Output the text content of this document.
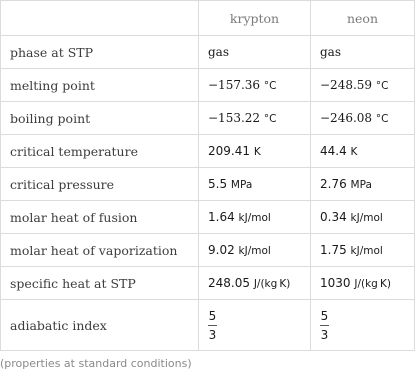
	krypton	neon
phase at STP	gas	gas
melting point	−157.36 °C	−248.59 °C
boiling point	−153.22 °C	−246.08 °C
critical temperature	209.41 K	44.4 K
critical pressure	5.5 MPa	2.76 MPa
molar heat of fusion	1.64 kJ/mol	0.34 kJ/mol
molar heat of vaporization	9.02 kJ/mol	1.75 kJ/mol
specific heat at STP	248.05 J/(kg K)	1030 J/(kg K)
adiabatic index	$\frac{5}{3}$	$\frac{5}{3}$
(properties at standard conditions)
